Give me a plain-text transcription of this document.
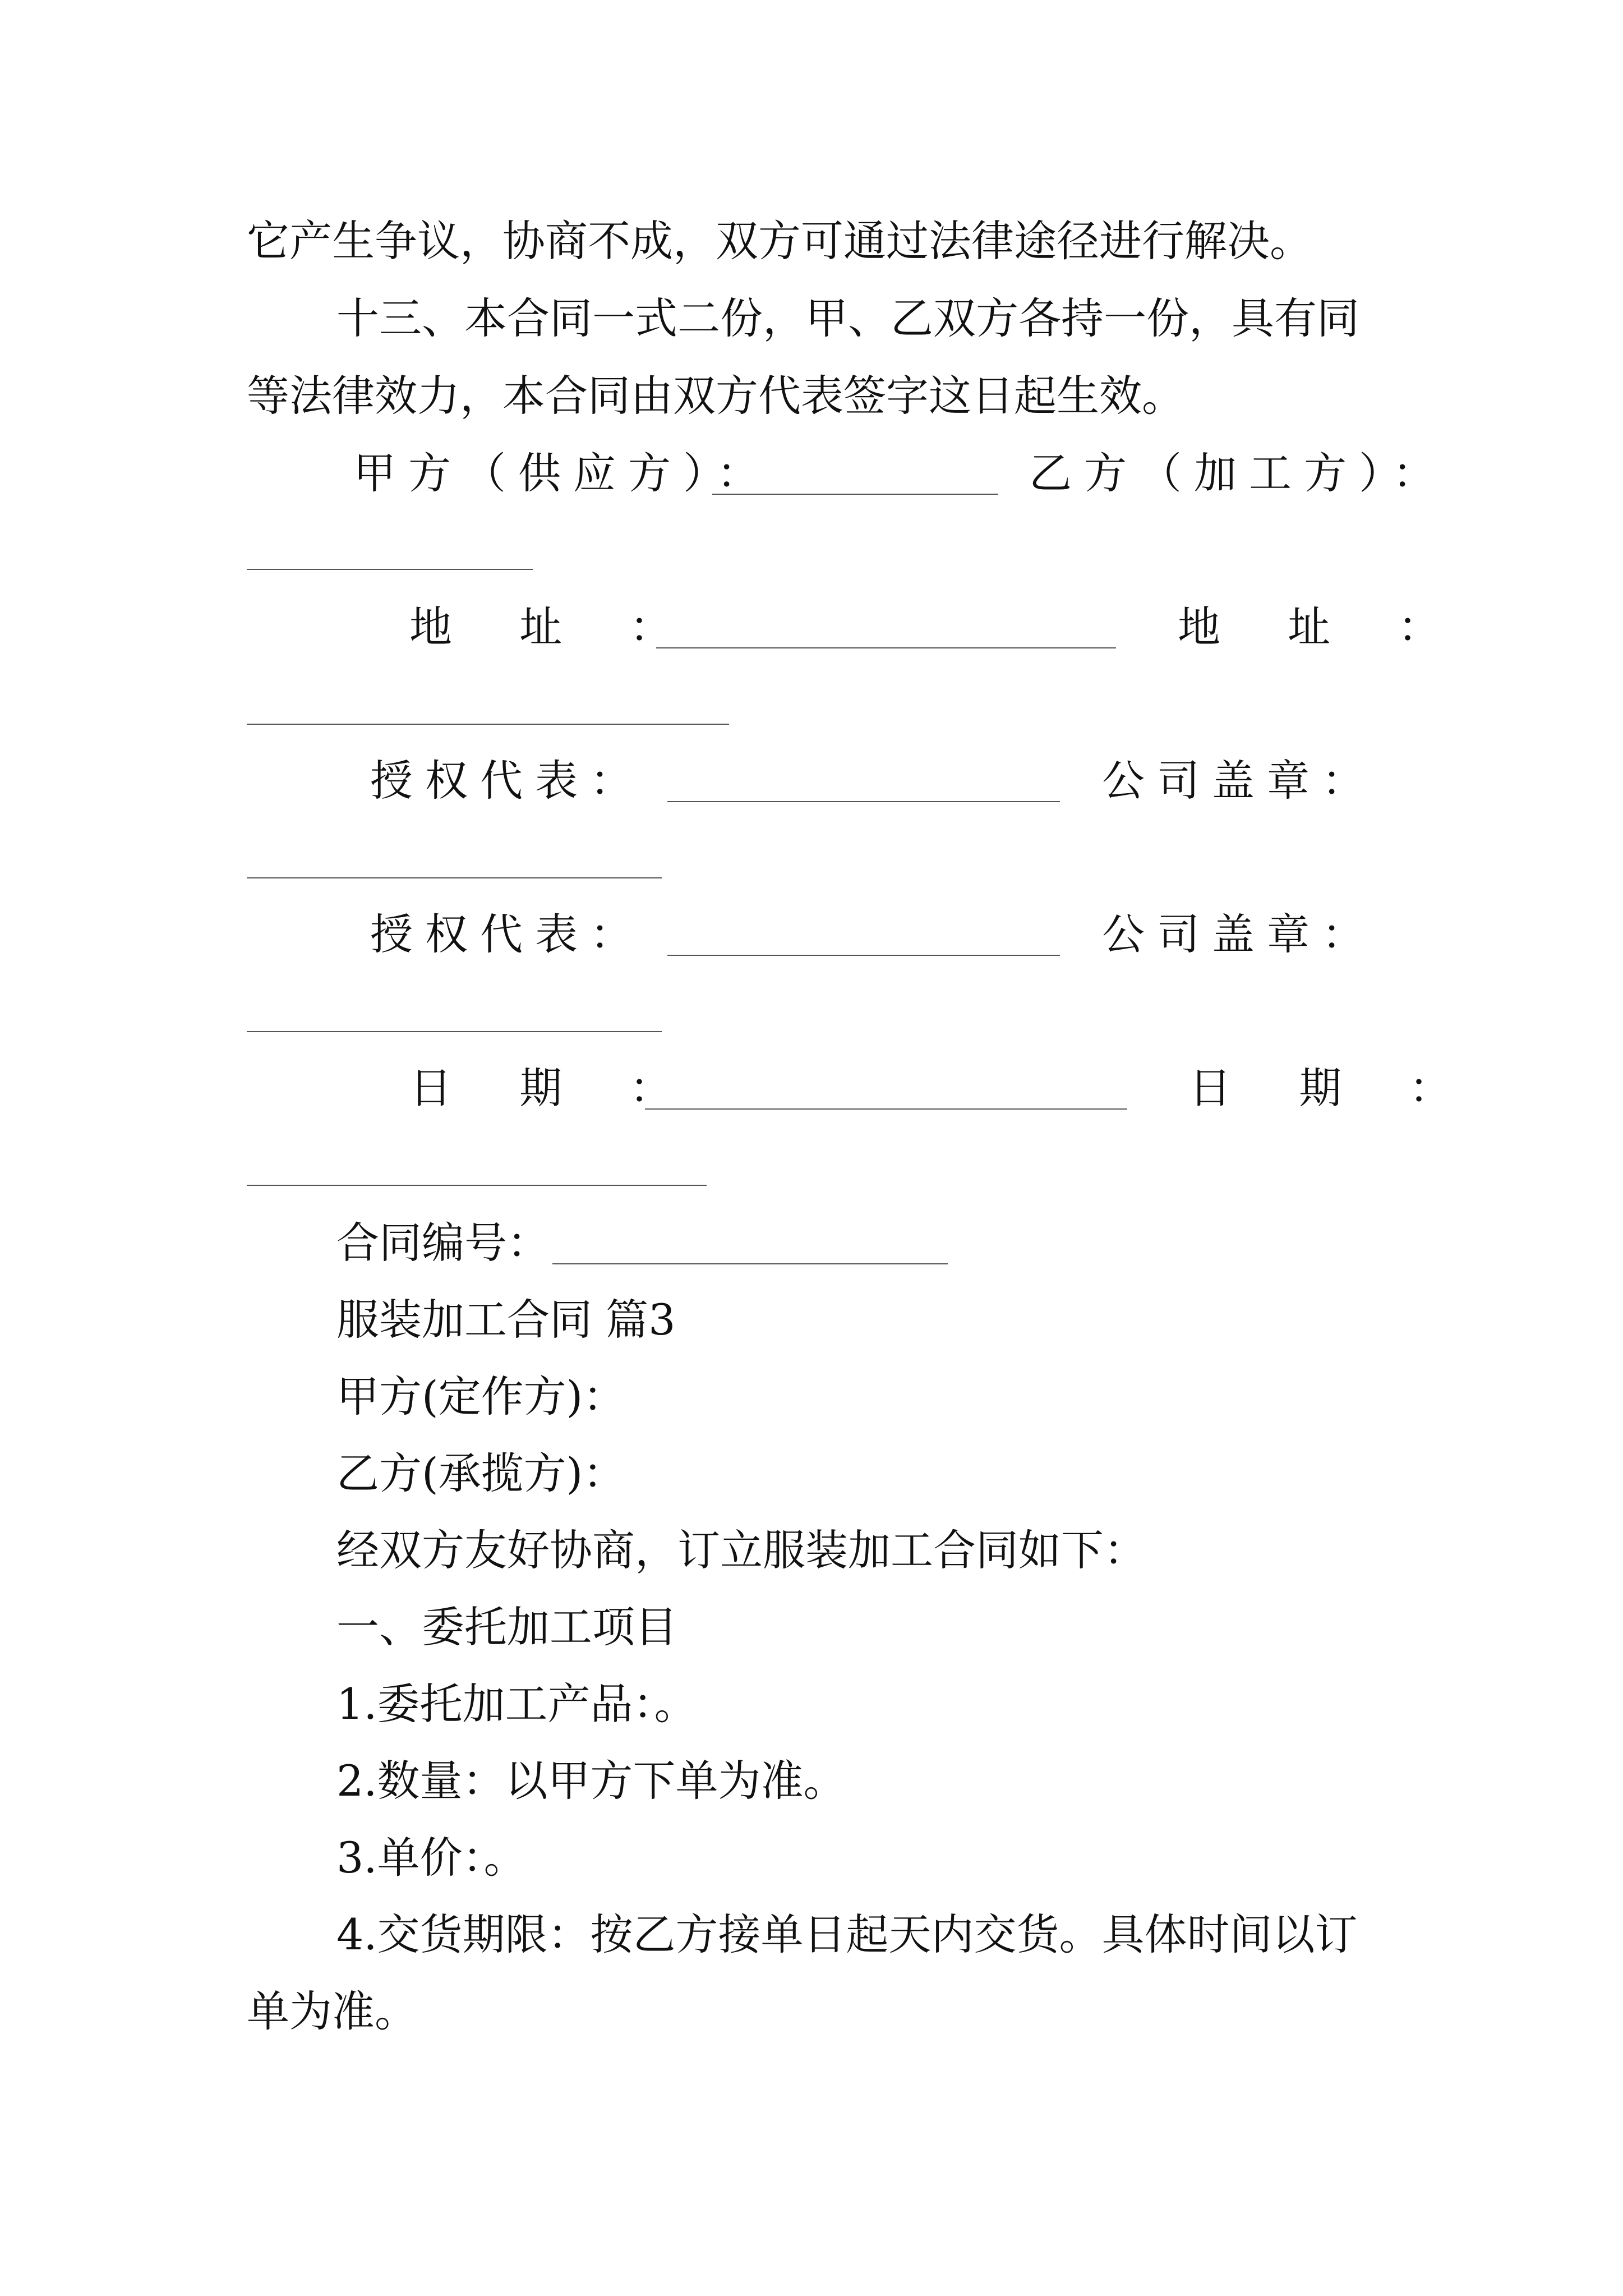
它产生争议，协商不成，双方可通过法律途径进行解决。
十三、本合同一式二份，甲、乙双方各持一份，具有同
等法律效力，本合同由双方代表签字这日起生效。
甲方（供应方）：	乙方（加工方）：
地 址 ：	地 址 ：
授权代表：	公司盖章：
授权代表：	公司盖章：
日 期 ：	日 期 ：
合同编号：
服装加工合同 篇3
甲方(定作方)：
乙方(承揽方)：
经双方友好协商，订立服装加工合同如下：
一、委托加工项目
1.委托加工产品：。
2.数量：以甲方下单为准。
3.单价：。
4.交货期限：按乙方接单日起天内交货。具体时间以订
单为准。
